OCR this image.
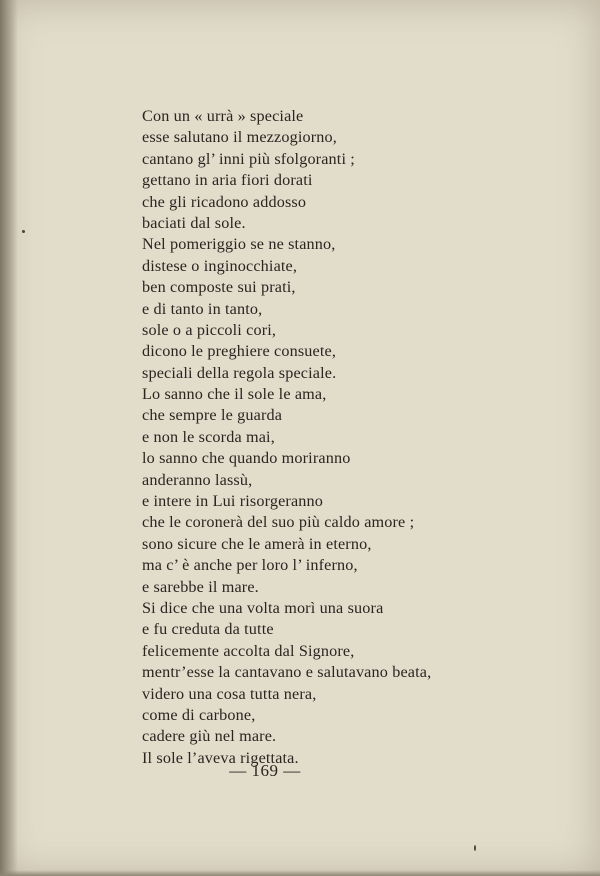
Con un « urrà » speciale
esse salutano il mezzogiorno,
cantano gl’ inni più sfolgoranti ;
gettano in aria fiori dorati
che gli ricadono addosso
baciati dal sole.
Nel pomeriggio se ne stanno,
distese o inginocchiate,
ben composte sui prati,
e di tanto in tanto,
sole o a piccoli cori,
dicono le preghiere consuete,
speciali della regola speciale.
Lo sanno che il sole le ama,
che sempre le guarda
e non le scorda mai,
lo sanno che quando moriranno
anderanno lassù,
e intere in Lui risorgeranno
che le coronerà del suo più caldo amore ;
sono sicure che le amerà in eterno,
ma c’ è anche per loro l’ inferno,
e sarebbe il mare.
Si dice che una volta morì una suora
e fu creduta da tutte
felicemente accolta dal Signore,
mentr’esse la cantavano e salutavano beata,
videro una cosa tutta nera,
come di carbone,
cadere giù nel mare.
Il sole l’aveva rigettata.
— 169 —
